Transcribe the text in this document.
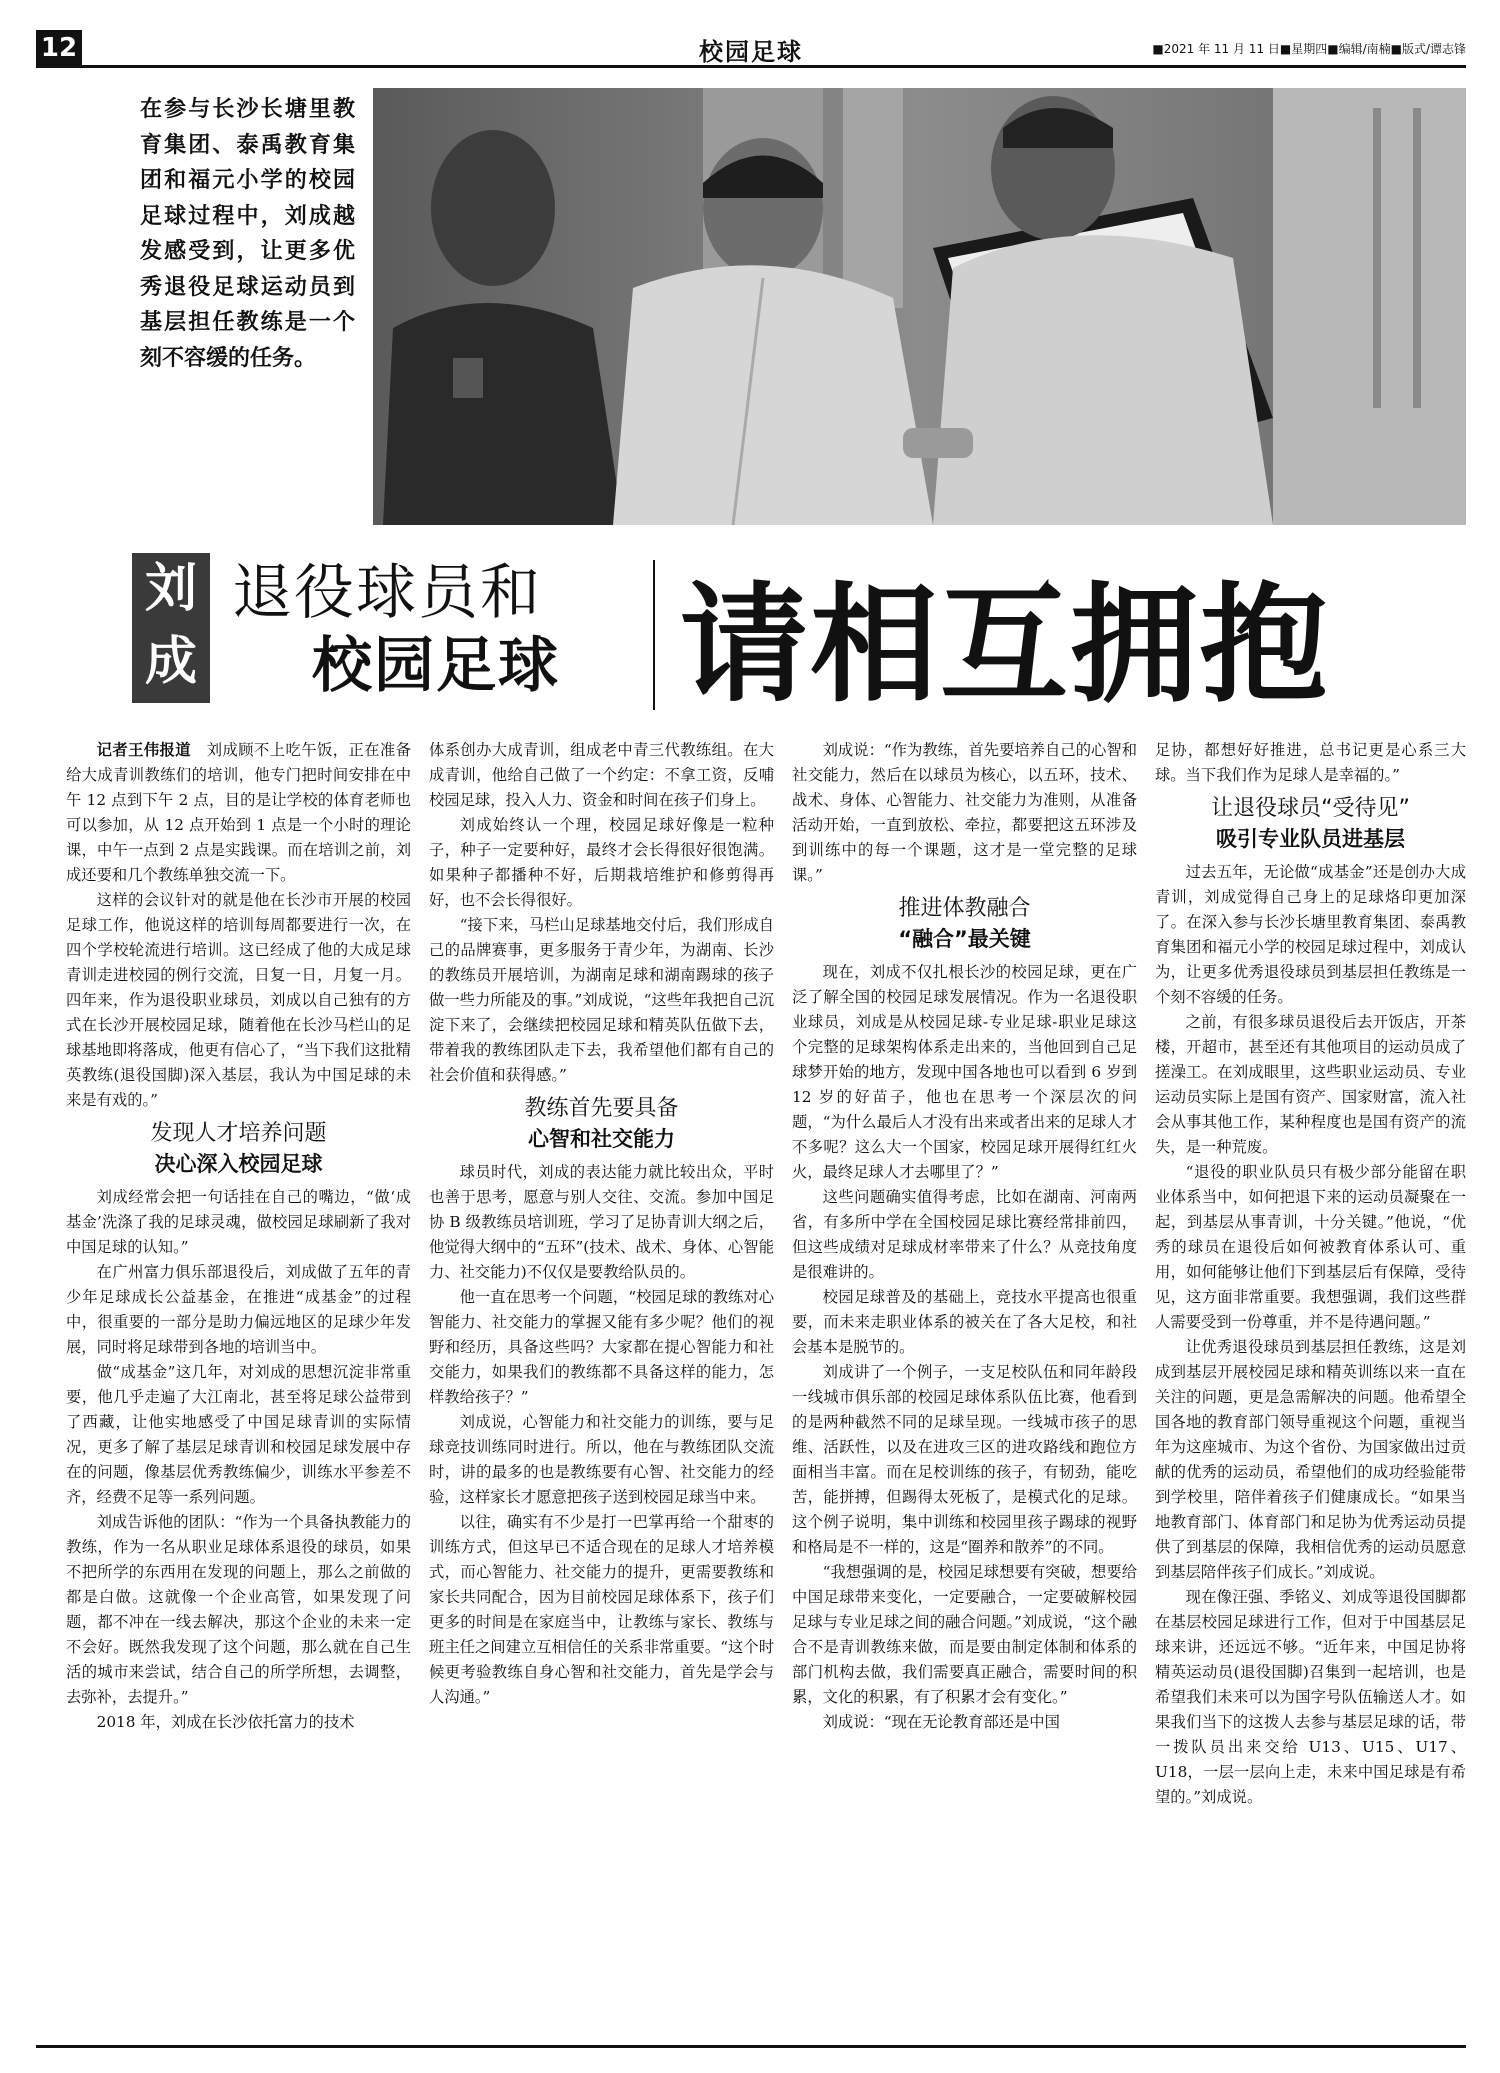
校园足球
12	■2021 年 11 月 11 日■星期四■编辑/南楠■版式/谭志锋
在参与长沙长塘里教育集团、泰禹教育集团和福元小学的校园足球过程中，刘成越发感受到，让更多优秀退役足球运动员到基层担任教练是一个刻不容缓的任务。
刘成
退役球员和
校园足球 请相互拥抱

记者王伟报道　 刘成顾不上吃午饭，正在准备给大成青训教练们的培训，他专门把时间安排在中午 12 点到下午 2 点，目的是让学校的体育老师也可以参加，从 12 点开始到 1 点是一个小时的理论课，中午一点到 2 点是实践课。而在培训之前，刘成还要和几个教练单独交流一下。

这样的会议针对的就是他在长沙市开展的校园足球工作，他说这样的培训每周都要进行一次，在四个学校轮流进行培训。这已经成了他的大成足球青训走进校园的例行交流，日复一日，月复一月。四年来，作为退役职业球员，刘成以自己独有的方式在长沙开展校园足球，随着他在长沙马栏山的足球基地即将落成，他更有信心了，“当下我们这批精英教练(退役国脚)深入基层，我认为中国足球的未来是有戏的。”

发现人才培养问题
决心深入校园足球

刘成经常会把一句话挂在自己的嘴边，“做‘成基金’洗涤了我的足球灵魂，做校园足球刷新了我对中国足球的认知。”

在广州富力俱乐部退役后，刘成做了五年的青少年足球成长公益基金，在推进“成基金”的过程中，很重要的一部分是助力偏远地区的足球少年发展，同时将足球带到各地的培训当中。

做“成基金”这几年，对刘成的思想沉淀非常重要，他几乎走遍了大江南北，甚至将足球公益带到了西藏，让他实地感受了中国足球青训的实际情况，更多了解了基层足球青训和校园足球发展中存在的问题，像基层优秀教练偏少，训练水平参差不齐，经费不足等一系列问题。

刘成告诉他的团队：“作为一个具备执教能力的教练，作为一名从职业足球体系退役的球员，如果不把所学的东西用在发现的问题上，那么之前做的都是白做。这就像一个企业高管，如果发现了问题，都不冲在一线去解决，那这个企业的未来一定不会好。既然我发现了这个问题，那么就在自己生活的城市来尝试，结合自己的所学所想，去调整，去弥补，去提升。”

2018 年，刘成在长沙依托富力的技术

体系创办大成青训，组成老中青三代教练组。在大成青训，他给自己做了一个约定：不拿工资，反哺校园足球，投入人力、资金和时间在孩子们身上。

刘成始终认一个理，校园足球好像是一粒种子，种子一定要种好，最终才会长得很好很饱满。如果种子都播种不好，后期栽培维护和修剪得再好，也不会长得很好。

“接下来，马栏山足球基地交付后，我们形成自己的品牌赛事，更多服务于青少年，为湖南、长沙的教练员开展培训，为湖南足球和湖南踢球的孩子做一些力所能及的事。”刘成说，“这些年我把自己沉淀下来了，会继续把校园足球和精英队伍做下去，带着我的教练团队走下去，我希望他们都有自己的社会价值和获得感。”

教练首先要具备
心智和社交能力

球员时代，刘成的表达能力就比较出众，平时也善于思考，愿意与别人交往、交流。参加中国足协 B 级教练员培训班，学习了足协青训大纲之后，他觉得大纲中的“五环”(技术、战术、身体、心智能力、社交能力)不仅仅是要教给队员的。

他一直在思考一个问题，“校园足球的教练对心智能力、社交能力的掌握又能有多少呢？他们的视野和经历，具备这些吗？大家都在提心智能力和社交能力，如果我们的教练都不具备这样的能力，怎样教给孩子？”

刘成说，心智能力和社交能力的训练，要与足球竞技训练同时进行。所以，他在与教练团队交流时，讲的最多的也是教练要有心智、社交能力的经验，这样家长才愿意把孩子送到校园足球当中来。

以往，确实有不少是打一巴掌再给一个甜枣的训练方式，但这早已不适合现在的足球人才培养模式，而心智能力、社交能力的提升，更需要教练和家长共同配合，因为目前校园足球体系下，孩子们更多的时间是在家庭当中，让教练与家长、教练与班主任之间建立互相信任的关系非常重要。“这个时候更考验教练自身心智和社交能力，首先是学会与人沟通。”

刘成说：“作为教练，首先要培养自己的心智和社交能力，然后在以球员为核心，以五环，技术、战术、身体、心智能力、社交能力为准则，从准备活动开始，一直到放松、牵拉，都要把这五环涉及到训练中的每一个课题，这才是一堂完整的足球课。”

推进体教融合
“融合”最关键

现在，刘成不仅扎根长沙的校园足球，更在广泛了解全国的校园足球发展情况。作为一名退役职业球员，刘成是从校园足球-专业足球-职业足球这个完整的足球架构体系走出来的，当他回到自己足球梦开始的地方，发现中国各地也可以看到 6 岁到 12 岁的好苗子，他也在思考一个深层次的问题，“为什么最后人才没有出来或者出来的足球人才不多呢？这么大一个国家，校园足球开展得红红火火，最终足球人才去哪里了？”

这些问题确实值得考虑，比如在湖南、河南两省，有多所中学在全国校园足球比赛经常排前四，但这些成绩对足球成材率带来了什么？从竞技角度是很难讲的。

校园足球普及的基础上，竞技水平提高也很重要，而未来走职业体系的被关在了各大足校，和社会基本是脱节的。

刘成讲了一个例子，一支足校队伍和同年龄段一线城市俱乐部的校园足球体系队伍比赛，他看到的是两种截然不同的足球呈现。一线城市孩子的思维、活跃性，以及在进攻三区的进攻路线和跑位方面相当丰富。而在足校训练的孩子，有韧劲，能吃苦，能拼搏，但踢得太死板了，是模式化的足球。这个例子说明，集中训练和校园里孩子踢球的视野和格局是不一样的，这是“圈养和散养”的不同。

“我想强调的是，校园足球想要有突破，想要给中国足球带来变化，一定要融合，一定要破解校园足球与专业足球之间的融合问题。”刘成说，“这个融合不是青训教练来做，而是要由制定体制和体系的部门机构去做，我们需要真正融合，需要时间的积累，文化的积累，有了积累才会有变化。”

刘成说：“现在无论教育部还是中国

足协，都想好好推进，总书记更是心系三大球。当下我们作为足球人是幸福的。”

让退役球员“受待见”
吸引专业队员进基层

过去五年，无论做“成基金”还是创办大成青训，刘成觉得自己身上的足球烙印更加深了。在深入参与长沙长塘里教育集团、泰禹教育集团和福元小学的校园足球过程中，刘成认为，让更多优秀退役球员到基层担任教练是一个刻不容缓的任务。

之前，有很多球员退役后去开饭店，开茶楼，开超市，甚至还有其他项目的运动员成了搓澡工。在刘成眼里，这些职业运动员、专业运动员实际上是国有资产、国家财富，流入社会从事其他工作，某种程度也是国有资产的流失，是一种荒废。

“退役的职业队员只有极少部分能留在职业体系当中，如何把退下来的运动员凝聚在一起，到基层从事青训，十分关键。”他说，“优秀的球员在退役后如何被教育体系认可、重用，如何能够让他们下到基层后有保障，受待见，这方面非常重要。我想强调，我们这些群人需要受到一份尊重，并不是待遇问题。”

让优秀退役球员到基层担任教练，这是刘成到基层开展校园足球和精英训练以来一直在关注的问题，更是急需解决的问题。他希望全国各地的教育部门领导重视这个问题，重视当年为这座城市、为这个省份、为国家做出过贡献的优秀的运动员，希望他们的成功经验能带到学校里，陪伴着孩子们健康成长。“如果当地教育部门、体育部门和足协为优秀运动员提供了到基层的保障，我相信优秀的运动员愿意到基层陪伴孩子们成长。”刘成说。

现在像汪强、季铭义、刘成等退役国脚都在基层校园足球进行工作，但对于中国基层足球来讲，还远远不够。“近年来，中国足协将精英运动员(退役国脚)召集到一起培训，也是希望我们未来可以为国字号队伍输送人才。如果我们当下的这拨人去参与基层足球的话，带一拨队员出来交给 U13、U15、U17、U18，一层一层向上走，未来中国足球是有希望的。”刘成说。
